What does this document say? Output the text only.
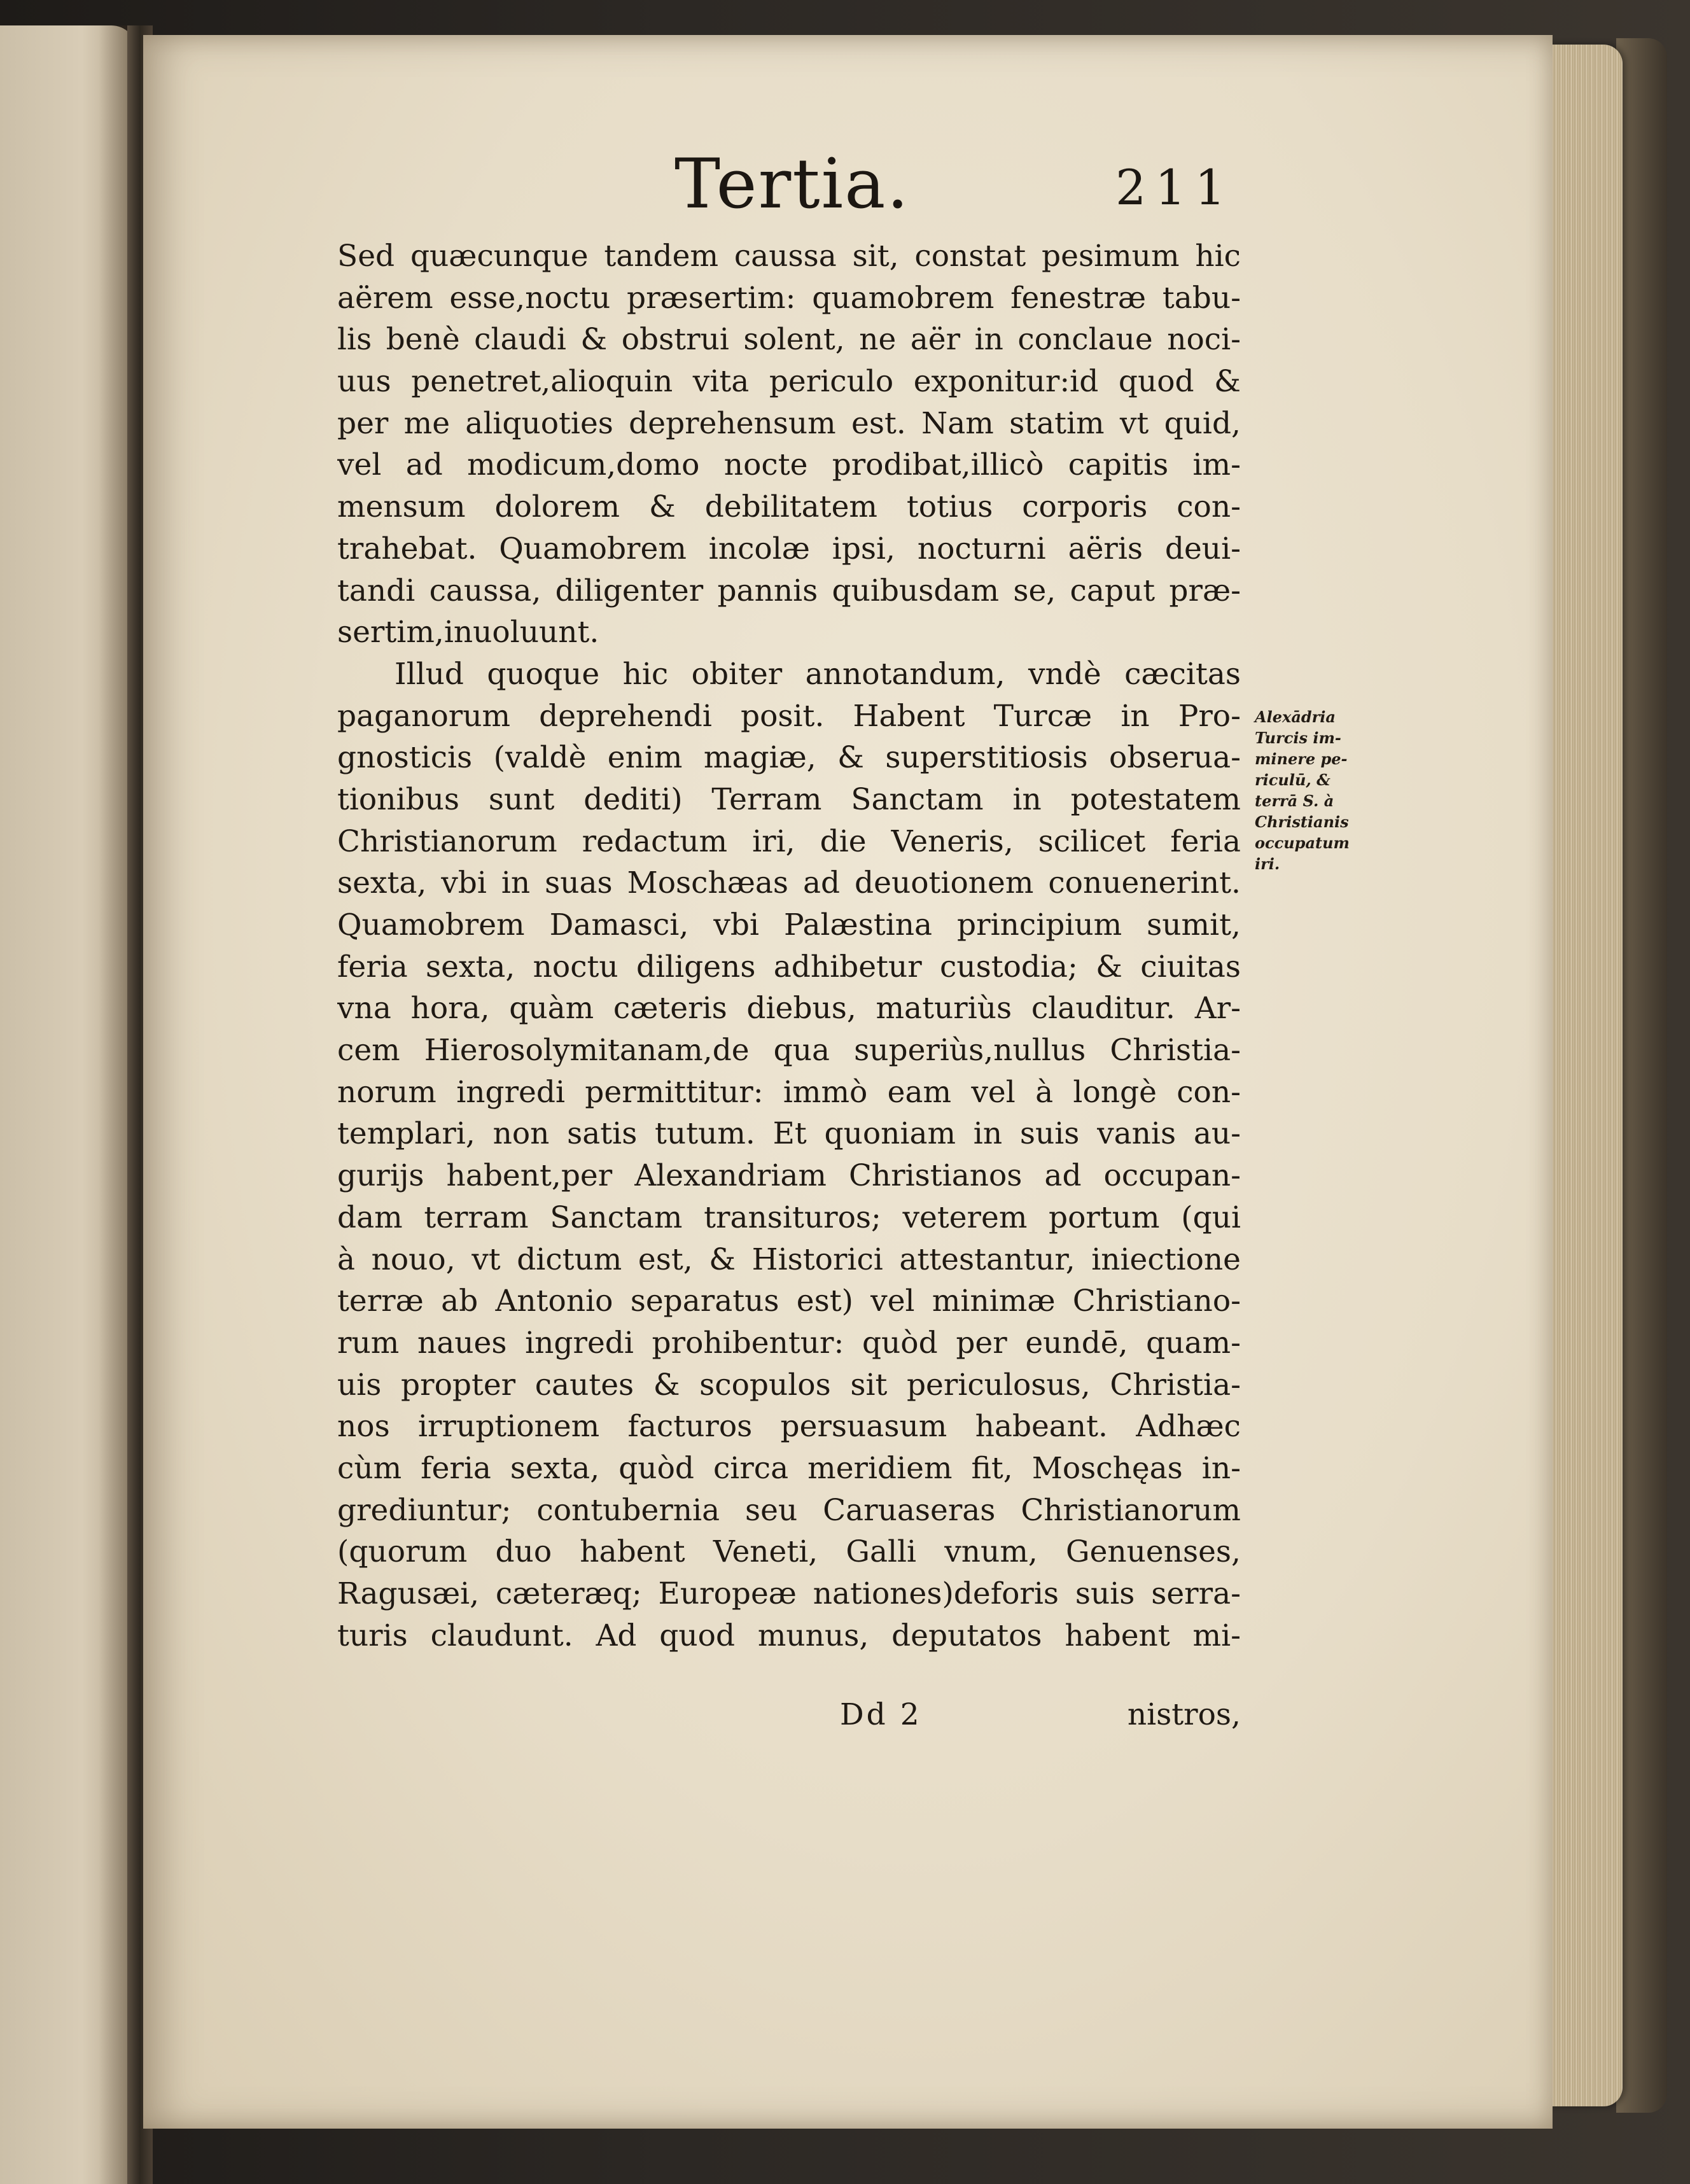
Tertia.	211
Sed quæcunque tandem caussa sit, constat pesimum hic
aërem esse,noctu præsertim: quamobrem fenestræ tabu-
lis benè claudi & obstrui solent, ne aër in conclaue noci-
uus penetret,alioquin vita periculo exponitur:id quod &
per me aliquoties deprehensum est. Nam statim vt quid,
vel ad modicum,domo nocte prodibat,illicò capitis im-
mensum dolorem & debilitatem totius corporis con-
trahebat. Quamobrem incolæ ipsi, nocturni aëris deui-
tandi caussa, diligenter pannis quibusdam se, caput præ-
sertim,inuoluunt.
Illud quoque hic obiter annotandum, vndè cæcitas
paganorum deprehendi posit. Habent Turcæ in Pro-
gnosticis (valdè enim magiæ, & superstitiosis obserua-
tionibus sunt dediti) Terram Sanctam in potestatem
Christianorum redactum iri, die Veneris, scilicet feria
sexta, vbi in suas Moschæas ad deuotionem conuenerint.
Quamobrem Damasci, vbi Palæstina principium sumit,
feria sexta, noctu diligens adhibetur custodia; & ciuitas
vna hora, quàm cæteris diebus, maturiùs clauditur. Ar-
cem Hierosolymitanam,de qua superiùs,nullus Christia-
norum ingredi permittitur: immò eam vel à longè con-
templari, non satis tutum. Et quoniam in suis vanis au-
gurijs habent,per Alexandriam Christianos ad occupan-
dam terram Sanctam transituros; veterem portum (qui
à nouo, vt dictum est, & Historici attestantur, iniectione
terræ ab Antonio separatus est) vel minimæ Christiano-
rum naues ingredi prohibentur: quòd per eundē, quam-
uis propter cautes & scopulos sit periculosus, Christia-
nos irruptionem facturos persuasum habeant. Adhæc
cùm feria sexta, quòd circa meridiem fit, Moschęas in-
grediuntur; contubernia seu Caruaseras Christianorum
(quorum duo habent Veneti, Galli vnum, Genuenses,
Ragusæi, cæteræq; Europeæ nationes)deforis suis serra-
turis claudunt. Ad quod munus, deputatos habent mi-
Alexādria
Turcis im-
minere pe-
riculū, &
terrā S. à
Christianis
occupatum
iri.
Dd 2	nistros,
